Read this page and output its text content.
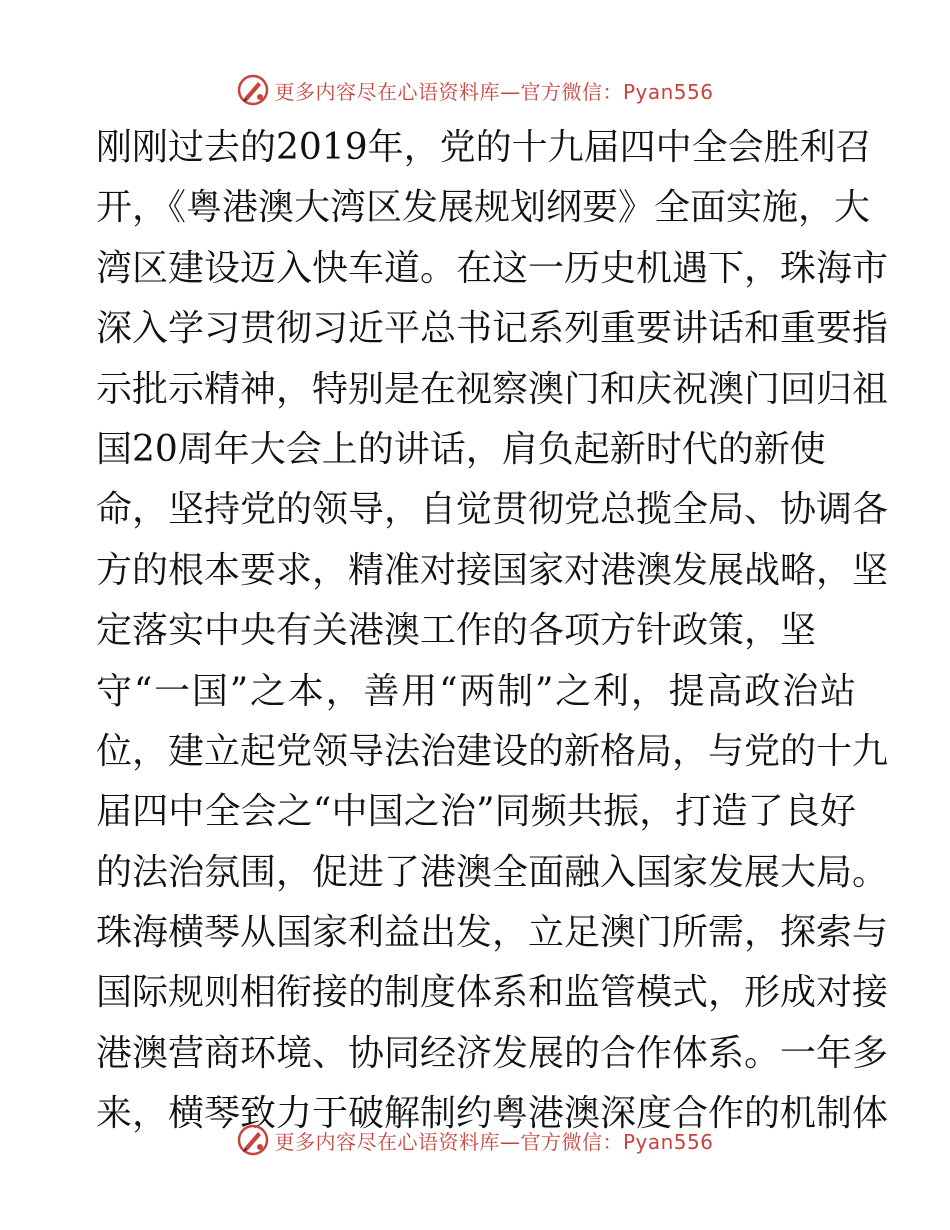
更多内容尽在心语资料库—官方微信：Pyan556
刚刚过去的2019年，党的十九届四中全会胜利召
开，《粤港澳大湾区发展规划纲要》全面实施，大
湾区建设迈入快车道。在这一历史机遇下，珠海市
深入学习贯彻习近平总书记系列重要讲话和重要指
示批示精神，特别是在视察澳门和庆祝澳门回归祖
国20周年大会上的讲话，肩负起新时代的新使
命，坚持党的领导，自觉贯彻党总揽全局、协调各
方的根本要求，精准对接国家对港澳发展战略，坚
定落实中央有关港澳工作的各项方针政策，坚
守“一国”之本，善用“两制”之利，提高政治站
位，建立起党领导法治建设的新格局，与党的十九
届四中全会之“中国之治”同频共振，打造了良好
的法治氛围，促进了港澳全面融入国家发展大局。
珠海横琴从国家利益出发，立足澳门所需，探索与
国际规则相衔接的制度体系和监管模式，形成对接
港澳营商环境、协同经济发展的合作体系。一年多
来，横琴致力于破解制约粤港澳深度合作的机制体
更多内容尽在心语资料库—官方微信：Pyan556
